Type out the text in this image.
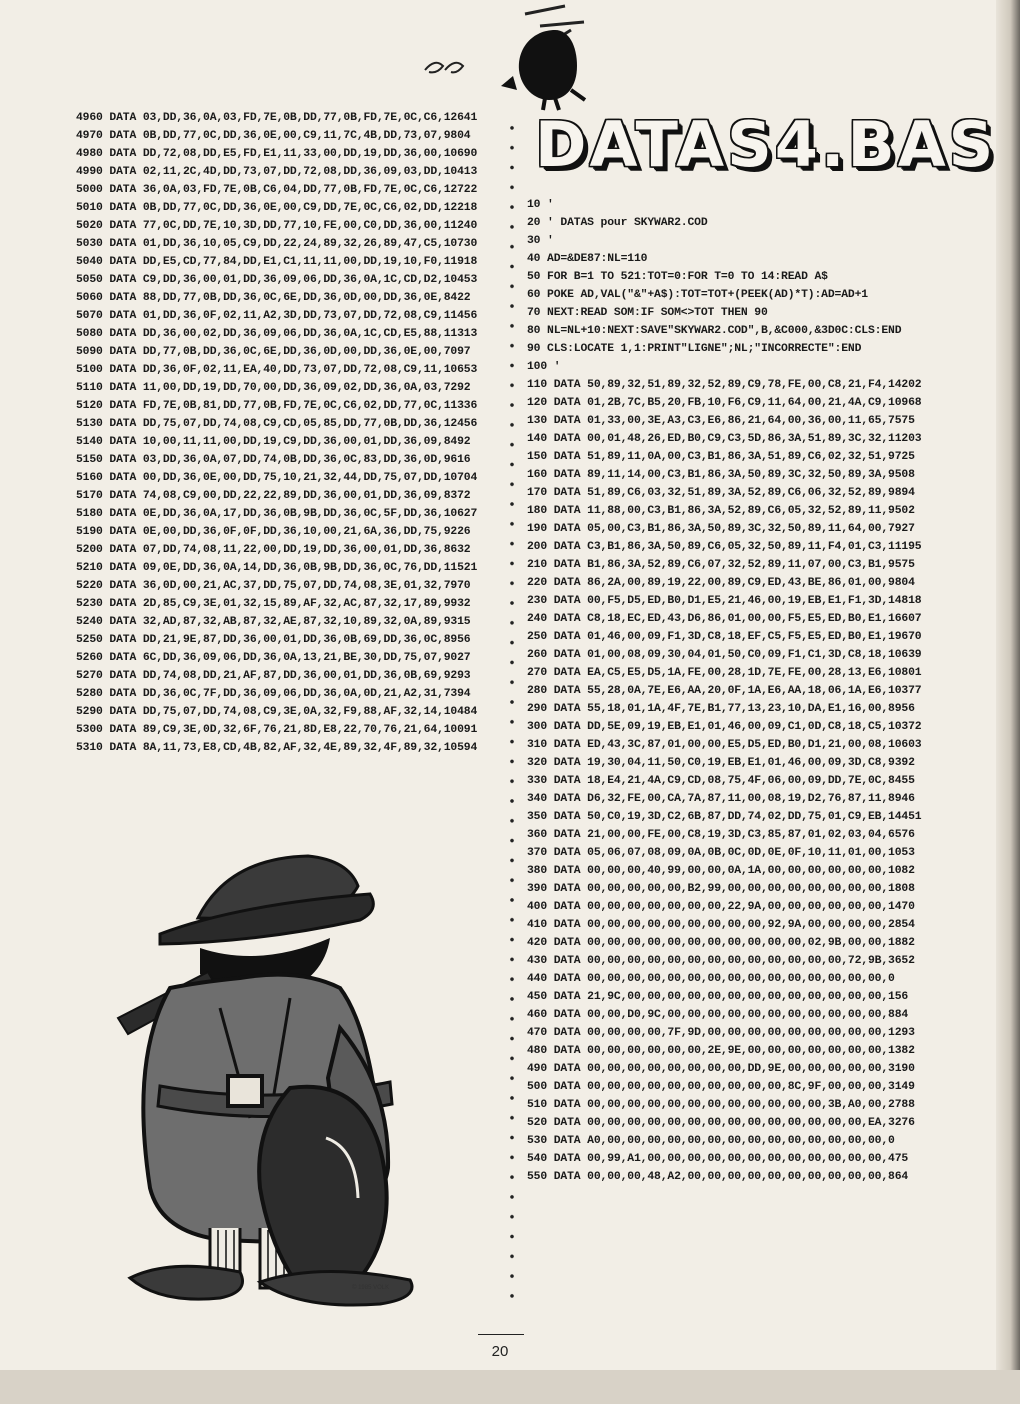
DATAS4.BAS
4960 DATA 03,DD,36,0A,03,FD,7E,0B,DD,77,0B,FD,7E,0C,C6,12641
4970 DATA 0B,DD,77,0C,DD,36,0E,00,C9,11,7C,4B,DD,73,07,9804
4980 DATA DD,72,08,DD,E5,FD,E1,11,33,00,DD,19,DD,36,00,10690
4990 DATA 02,11,2C,4D,DD,73,07,DD,72,08,DD,36,09,03,DD,10413
5000 DATA 36,0A,03,FD,7E,0B,C6,04,DD,77,0B,FD,7E,0C,C6,12722
5010 DATA 0B,DD,77,0C,DD,36,0E,00,C9,DD,7E,0C,C6,02,DD,12218
5020 DATA 77,0C,DD,7E,10,3D,DD,77,10,FE,00,C0,DD,36,00,11240
5030 DATA 01,DD,36,10,05,C9,DD,22,24,89,32,26,89,47,C5,10730
5040 DATA DD,E5,CD,77,84,DD,E1,C1,11,11,00,DD,19,10,F0,11918
5050 DATA C9,DD,36,00,01,DD,36,09,06,DD,36,0A,1C,CD,D2,10453
5060 DATA 88,DD,77,0B,DD,36,0C,6E,DD,36,0D,00,DD,36,0E,8422
5070 DATA 01,DD,36,0F,02,11,A2,3D,DD,73,07,DD,72,08,C9,11456
5080 DATA DD,36,00,02,DD,36,09,06,DD,36,0A,1C,CD,E5,88,11313
5090 DATA DD,77,0B,DD,36,0C,6E,DD,36,0D,00,DD,36,0E,00,7097
5100 DATA DD,36,0F,02,11,EA,40,DD,73,07,DD,72,08,C9,11,10653
5110 DATA 11,00,DD,19,DD,70,00,DD,36,09,02,DD,36,0A,03,7292
5120 DATA FD,7E,0B,81,DD,77,0B,FD,7E,0C,C6,02,DD,77,0C,11336
5130 DATA DD,75,07,DD,74,08,C9,CD,05,85,DD,77,0B,DD,36,12456
5140 DATA 10,00,11,11,00,DD,19,C9,DD,36,00,01,DD,36,09,8492
5150 DATA 03,DD,36,0A,07,DD,74,0B,DD,36,0C,83,DD,36,0D,9616
5160 DATA 00,DD,36,0E,00,DD,75,10,21,32,44,DD,75,07,DD,10704
5170 DATA 74,08,C9,00,DD,22,22,89,DD,36,00,01,DD,36,09,8372
5180 DATA 0E,DD,36,0A,17,DD,36,0B,9B,DD,36,0C,5F,DD,36,10627
5190 DATA 0E,00,DD,36,0F,0F,DD,36,10,00,21,6A,36,DD,75,9226
5200 DATA 07,DD,74,08,11,22,00,DD,19,DD,36,00,01,DD,36,8632
5210 DATA 09,0E,DD,36,0A,14,DD,36,0B,9B,DD,36,0C,76,DD,11521
5220 DATA 36,0D,00,21,AC,37,DD,75,07,DD,74,08,3E,01,32,7970
5230 DATA 2D,85,C9,3E,01,32,15,89,AF,32,AC,87,32,17,89,9932
5240 DATA 32,AD,87,32,AB,87,32,AE,87,32,10,89,32,0A,89,9315
5250 DATA DD,21,9E,87,DD,36,00,01,DD,36,0B,69,DD,36,0C,8956
5260 DATA 6C,DD,36,09,06,DD,36,0A,13,21,BE,30,DD,75,07,9027
5270 DATA DD,74,08,DD,21,AF,87,DD,36,00,01,DD,36,0B,69,9293
5280 DATA DD,36,0C,7F,DD,36,09,06,DD,36,0A,0D,21,A2,31,7394
5290 DATA DD,75,07,DD,74,08,C9,3E,0A,32,F9,88,AF,32,14,10484
5300 DATA 89,C9,3E,0D,32,6F,76,21,8D,E8,22,70,76,21,64,10091
5310 DATA 8A,11,73,E8,CD,4B,82,AF,32,4E,89,32,4F,89,32,10594
10 '
20 ' DATAS pour SKYWAR2.COD
30 '
40 AD=&DE87:NL=110
50 FOR B=1 TO 521:TOT=0:FOR T=0 TO 14:READ A$
60 POKE AD,VAL("&"+A$):TOT=TOT+(PEEK(AD)*T):AD=AD+1
70 NEXT:READ SOM:IF SOM<>TOT THEN 90
80 NL=NL+10:NEXT:SAVE"SKYWAR2.COD",B,&C000,&3D0C:CLS:END
90 CLS:LOCATE 1,1:PRINT"LIGNE";NL;"INCORRECTE":END
100 '
110 DATA 50,89,32,51,89,32,52,89,C9,78,FE,00,C8,21,F4,14202
120 DATA 01,2B,7C,B5,20,FB,10,F6,C9,11,64,00,21,4A,C9,10968
130 DATA 01,33,00,3E,A3,C3,E6,86,21,64,00,36,00,11,65,7575
140 DATA 00,01,48,26,ED,B0,C9,C3,5D,86,3A,51,89,3C,32,11203
150 DATA 51,89,11,0A,00,C3,B1,86,3A,51,89,C6,02,32,51,9725
160 DATA 89,11,14,00,C3,B1,86,3A,50,89,3C,32,50,89,3A,9508
170 DATA 51,89,C6,03,32,51,89,3A,52,89,C6,06,32,52,89,9894
180 DATA 11,88,00,C3,B1,86,3A,52,89,C6,05,32,52,89,11,9502
190 DATA 05,00,C3,B1,86,3A,50,89,3C,32,50,89,11,64,00,7927
200 DATA C3,B1,86,3A,50,89,C6,05,32,50,89,11,F4,01,C3,11195
210 DATA B1,86,3A,52,89,C6,07,32,52,89,11,07,00,C3,B1,9575
220 DATA 86,2A,00,89,19,22,00,89,C9,ED,43,BE,86,01,00,9804
230 DATA 00,F5,D5,ED,B0,D1,E5,21,46,00,19,EB,E1,F1,3D,14818
240 DATA C8,18,EC,ED,43,D6,86,01,00,00,F5,E5,ED,B0,E1,16607
250 DATA 01,46,00,09,F1,3D,C8,18,EF,C5,F5,E5,ED,B0,E1,19670
260 DATA 01,00,08,09,30,04,01,50,C0,09,F1,C1,3D,C8,18,10639
270 DATA EA,C5,E5,D5,1A,FE,00,28,1D,7E,FE,00,28,13,E6,10801
280 DATA 55,28,0A,7E,E6,AA,20,0F,1A,E6,AA,18,06,1A,E6,10377
290 DATA 55,18,01,1A,4F,7E,B1,77,13,23,10,DA,E1,16,00,8956
300 DATA DD,5E,09,19,EB,E1,01,46,00,09,C1,0D,C8,18,C5,10372
310 DATA ED,43,3C,87,01,00,00,E5,D5,ED,B0,D1,21,00,08,10603
320 DATA 19,30,04,11,50,C0,19,EB,E1,01,46,00,09,3D,C8,9392
330 DATA 18,E4,21,4A,C9,CD,08,75,4F,06,00,09,DD,7E,0C,8455
340 DATA D6,32,FE,00,CA,7A,87,11,00,08,19,D2,76,87,11,8946
350 DATA 50,C0,19,3D,C2,6B,87,DD,74,02,DD,75,01,C9,EB,14451
360 DATA 21,00,00,FE,00,C8,19,3D,C3,85,87,01,02,03,04,6576
370 DATA 05,06,07,08,09,0A,0B,0C,0D,0E,0F,10,11,01,00,1053
380 DATA 00,00,00,40,99,00,00,0A,1A,00,00,00,00,00,00,1082
390 DATA 00,00,00,00,00,B2,99,00,00,00,00,00,00,00,00,1808
400 DATA 00,00,00,00,00,00,00,22,9A,00,00,00,00,00,00,1470
410 DATA 00,00,00,00,00,00,00,00,00,92,9A,00,00,00,00,2854
420 DATA 00,00,00,00,00,00,00,00,00,00,00,02,9B,00,00,1882
430 DATA 00,00,00,00,00,00,00,00,00,00,00,00,00,72,9B,3652
440 DATA 00,00,00,00,00,00,00,00,00,00,00,00,00,00,00,0
450 DATA 21,9C,00,00,00,00,00,00,00,00,00,00,00,00,00,156
460 DATA 00,00,D0,9C,00,00,00,00,00,00,00,00,00,00,00,884
470 DATA 00,00,00,00,7F,9D,00,00,00,00,00,00,00,00,00,1293
480 DATA 00,00,00,00,00,00,2E,9E,00,00,00,00,00,00,00,1382
490 DATA 00,00,00,00,00,00,00,00,DD,9E,00,00,00,00,00,3190
500 DATA 00,00,00,00,00,00,00,00,00,00,8C,9F,00,00,00,3149
510 DATA 00,00,00,00,00,00,00,00,00,00,00,00,3B,A0,00,2788
520 DATA 00,00,00,00,00,00,00,00,00,00,00,00,00,00,EA,3276
530 DATA A0,00,00,00,00,00,00,00,00,00,00,00,00,00,00,0
540 DATA 00,99,A1,00,00,00,00,00,00,00,00,00,00,00,00,475
550 DATA 00,00,00,48,A2,00,00,00,00,00,00,00,00,00,00,864
© 1985 VOLK
20
